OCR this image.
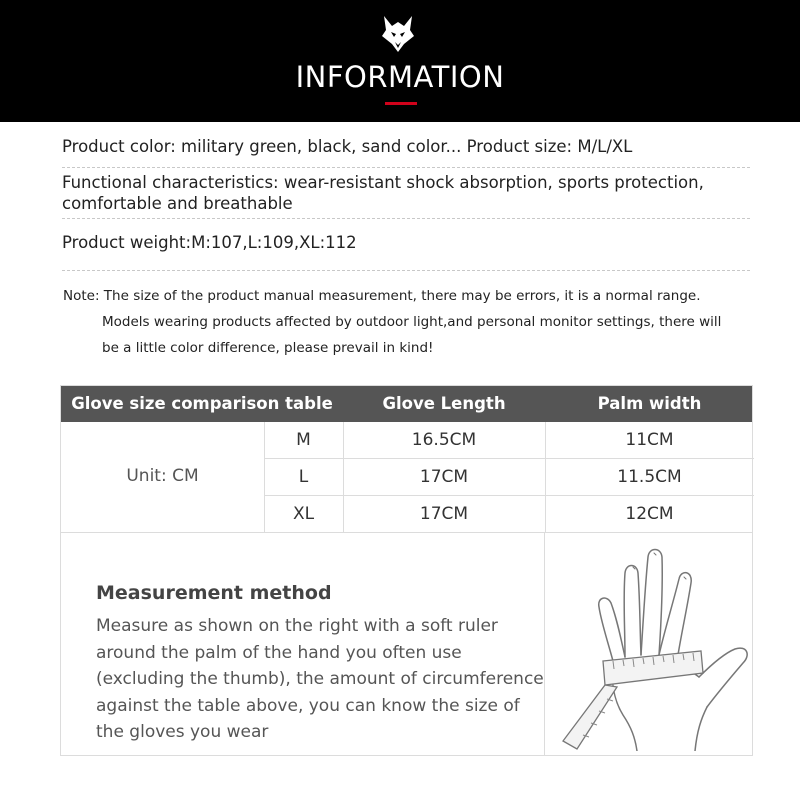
INFORMATION
Product color: military green, black, sand color... Product size: M/L/XL
Functional characteristics: wear-resistant shock absorption, sports protection,
comfortable and breathable
Product weight:M:107,L:109,XL:112
Note: The size of the product manual measurement, there may be errors, it is a normal range.
Models wearing products affected by outdoor light,and personal monitor settings, there will
be a little color difference, please prevail in kind!
Glove size comparison table	Glove Length	Palm width
Unit: CM
M	16.5CM	11CM
L	17CM	11.5CM
XL	17CM	12CM
Measurement method
Measure as shown on the right with a soft ruler
around the palm of the hand you often use
(excluding the thumb), the amount of circumference
against the table above, you can know the size of
the gloves you wear
